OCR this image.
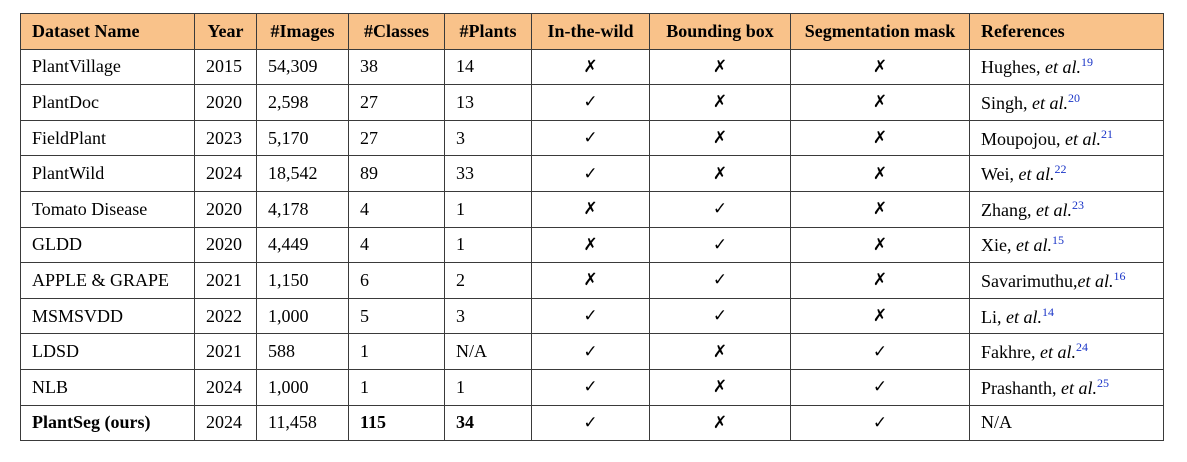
Dataset Name	Year	#Images	#Classes	#Plants	In-the-wild	Bounding box	Segmentation mask	References
PlantVillage	2015	54,309	38	14	✗	✗	✗	Hughes, et al.$^{19}$
PlantDoc	2020	2,598	27	13	✓	✗	✗	Singh, et al.$^{20}$
FieldPlant	2023	5,170	27	3	✓	✗	✗	Moupojou, et al.$^{21}$
PlantWild	2024	18,542	89	33	✓	✗	✗	Wei, et al.$^{22}$
Tomato Disease	2020	4,178	4	1	✗	✓	✗	Zhang, et al.$^{23}$
GLDD	2020	4,449	4	1	✗	✓	✗	Xie, et al.$^{15}$
APPLE & GRAPE	2021	1,150	6	2	✗	✓	✗	Savarimuthu,et al.$^{16}$
MSMSVDD	2022	1,000	5	3	✓	✓	✗	Li, et al.$^{14}$
LDSD	2021	588	1	N/A	✓	✗	✓	Fakhre, et al.$^{24}$
NLB	2024	1,000	1	1	✓	✗	✓	Prashanth, et al.$^{25}$
PlantSeg (ours)	2024	11,458	115	34	✓	✗	✓	N/A
